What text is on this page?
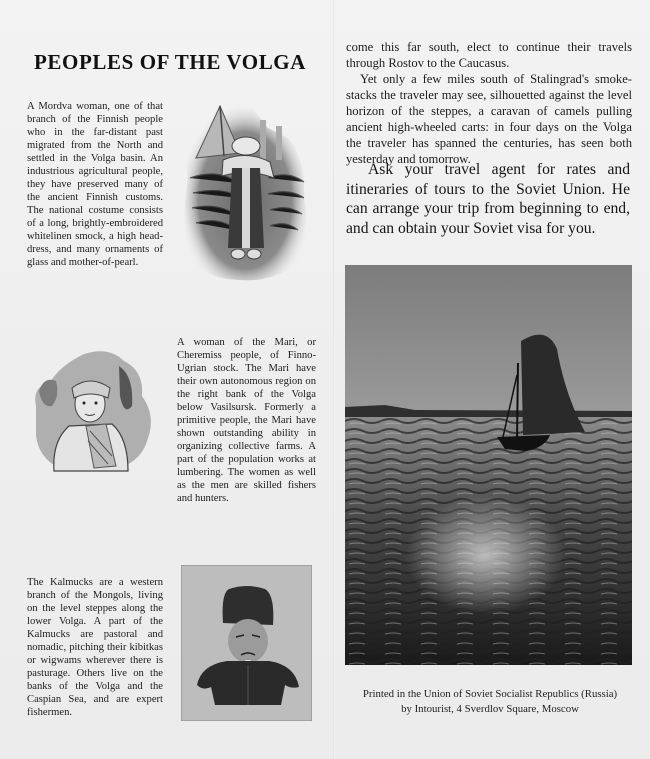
PEOPLES OF THE VOLGA
A Mordva woman, one of that branch of the Finnish people who in the far-distant past migrated from the North and settled in the Volga basin. An industrious agricultural people, they have preserved many of the ancient Finnish customs. The national costume consists of a long, brightly-embroidered whitelinen smock, a high head-dress, and many ornaments of glass and mother-of-pearl.
A woman of the Mari, or Cheremiss people, of Finno-Ugrian stock. The Mari have their own autonomous region on the right bank of the Volga below Vasilsursk. Formerly a primitive people, the Mari have shown outstanding ability in organizing collective farms. A part of the population works at lumbering. The women as well as the men are skilled fishers and hunters.
The Kalmucks are a western branch of the Mongols, living on the level steppes along the lower Volga. A part of the Kalmucks are pastoral and nomadic, pitching their kibitkas or wigwams wherever there is pasturage. Others live on the banks of the Volga and the Caspian Sea, and are expert fishermen.

come this far south, elect to continue their travels through Rostov to the Caucasus.

Yet only a few miles south of Stalingrad's smoke-stacks the traveler may see, silhouetted against the level horizon of the steppes, a caravan of camels pulling ancient high-wheeled carts: in four days on the Volga the traveler has spanned the centuries, has seen both yesterday and tomorrow.

Ask your travel agent for rates and itineraries of tours to the Soviet Union. He can arrange your trip from beginning to end, and can obtain your Soviet visa for you.
Printed in the Union of Soviet Socialist Republics (Russia)
by Intourist, 4 Sverdlov Square, Moscow
